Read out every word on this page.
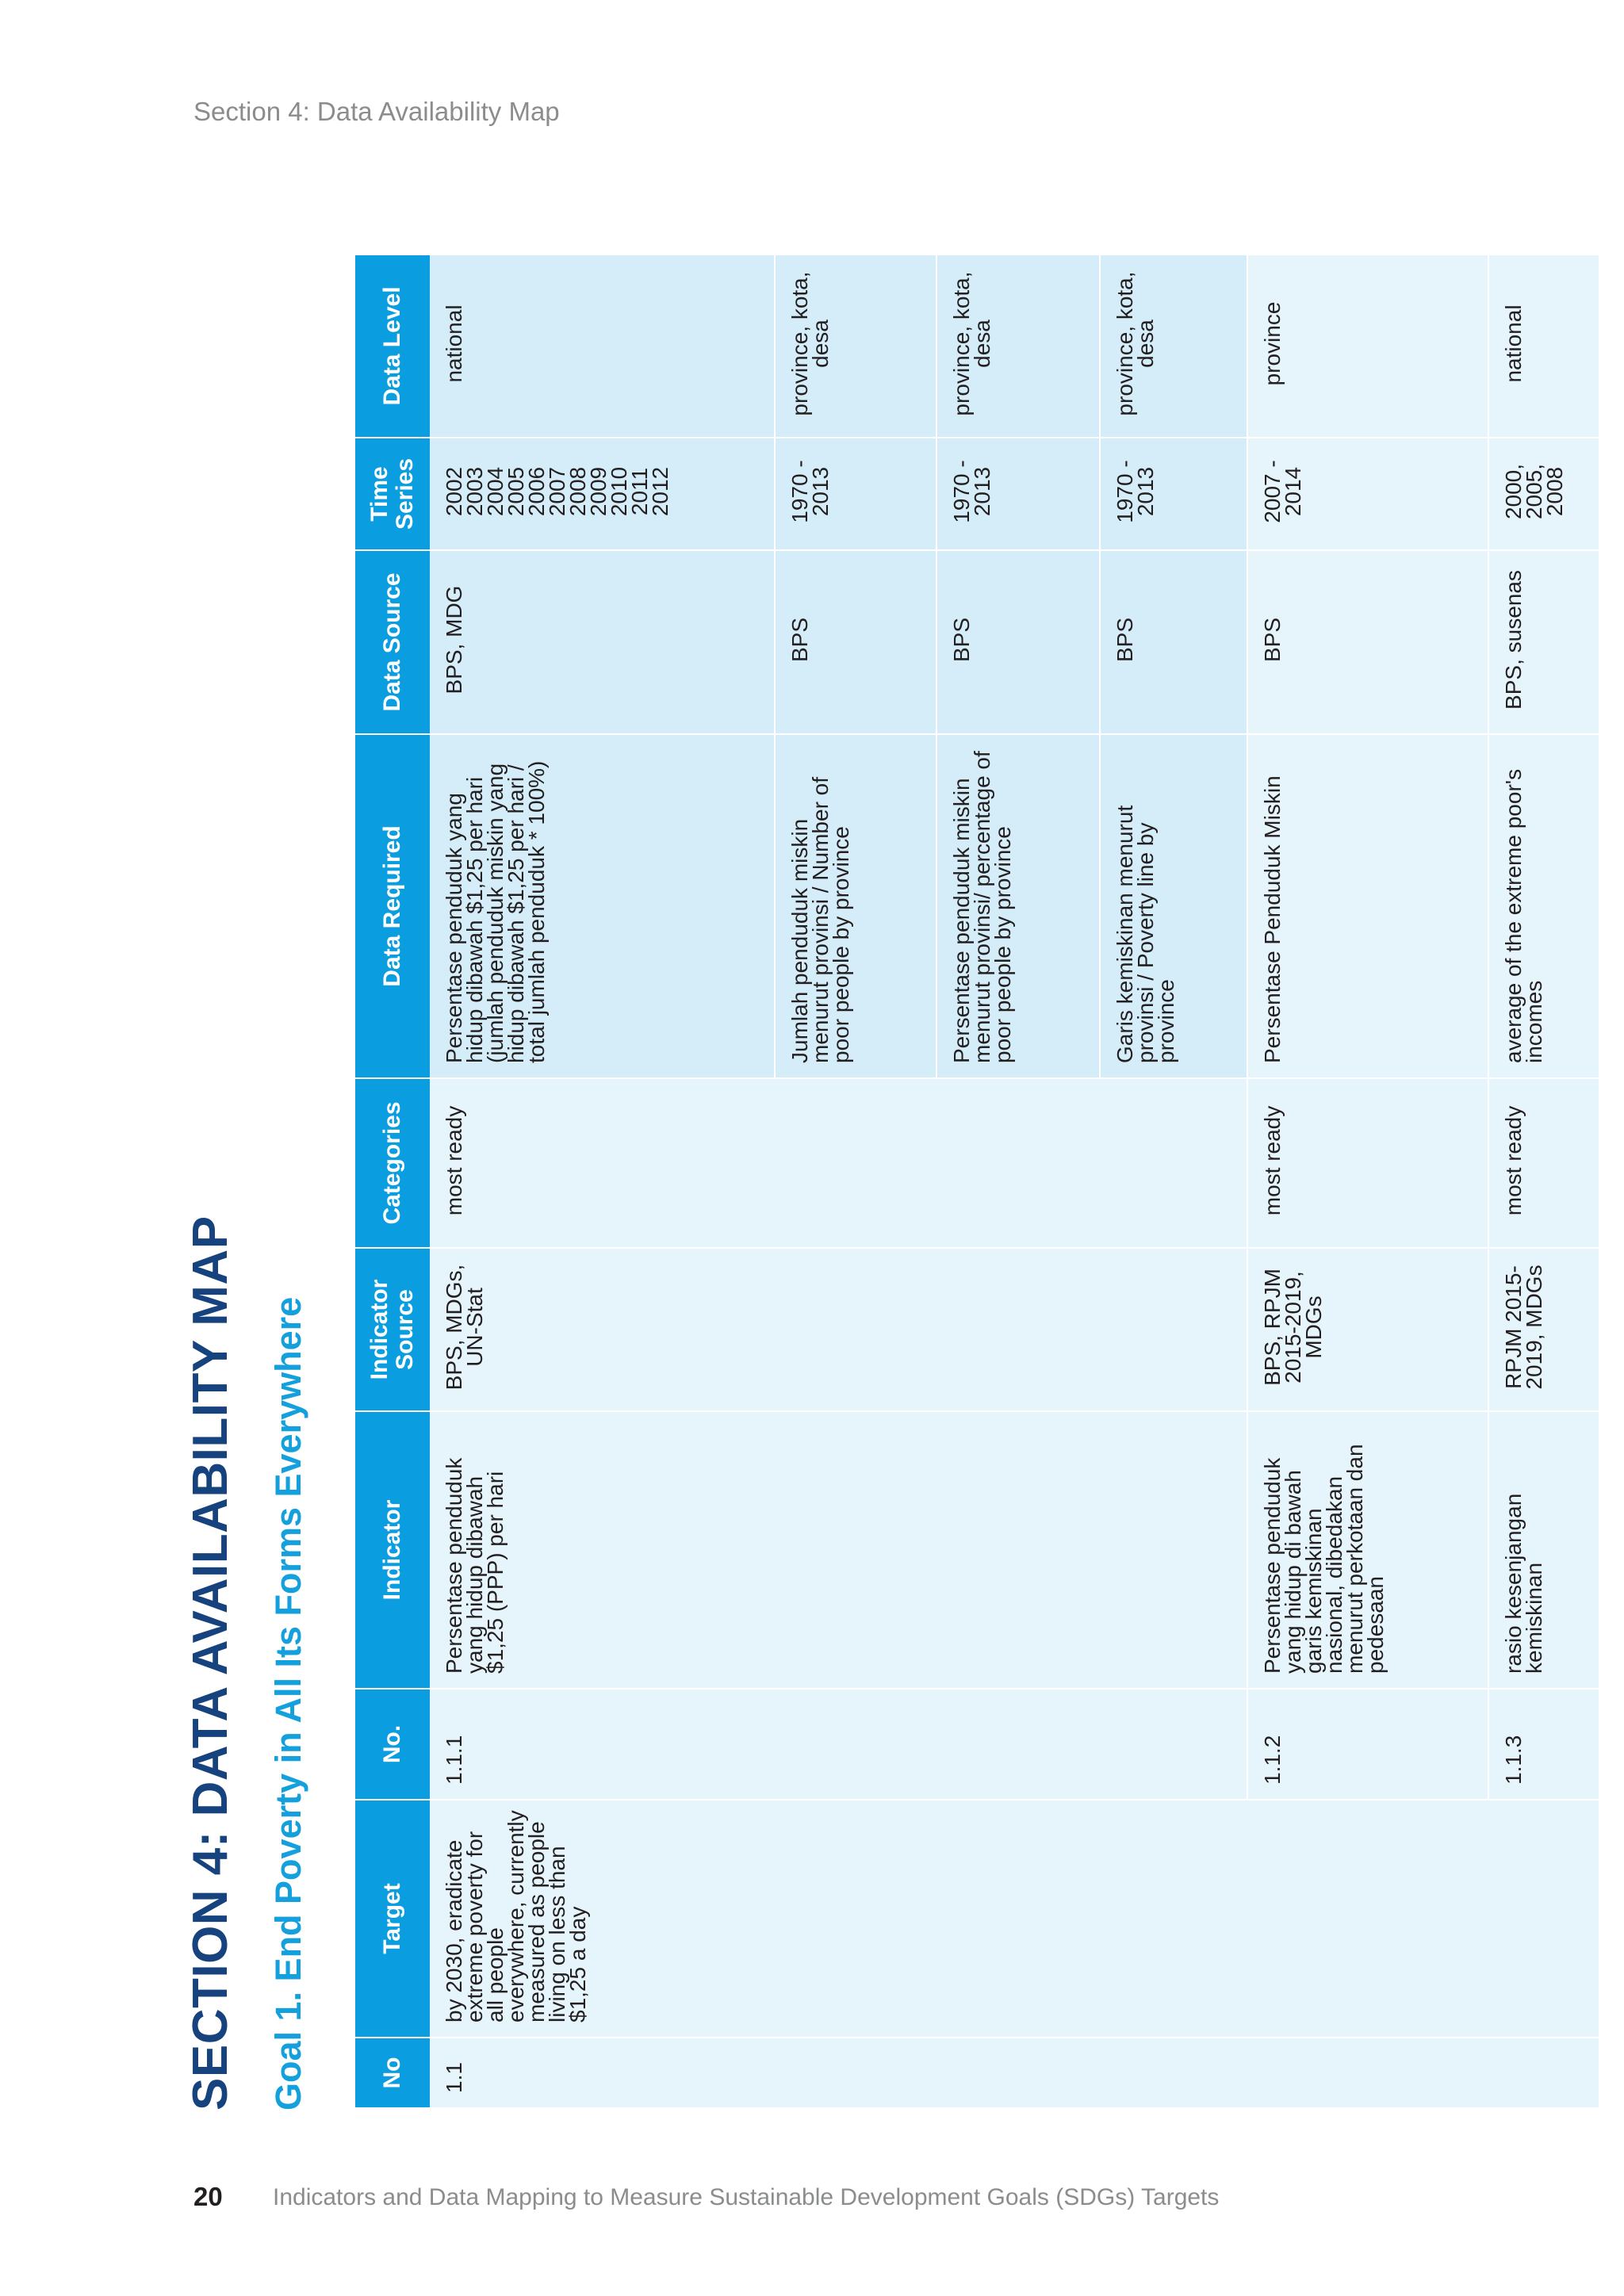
Section 4: Data Availability Map
SECTION 4: DATA AVAILABILITY MAP Goal 1. End Poverty in All Its Forms Everywhere	No	Target	No.	Indicator	Indicator Source	Categories	Data Required	Data Source	Time Series	Data Level
1.1	by 2030, eradicate extreme poverty for all people everywhere, currently measured as people living on less than $1,25 a day	1.1.1	Persentase penduduk yang hidup dibawah $1,25 (PPP) per hari	BPS, MDGs, UN-Stat	most ready	Persentase penduduk yang hidup dibawah $1,25 per hari (jumlah penduduk miskin yang hidup dibawah $1,25 per hari / total jumlah penduduk * 100%)	BPS, MDG	2002 2003 2004 2005 2006 2007 2008 2009 2010 2011 2012	national
						Jumlah penduduk miskin menurut provinsi / Number of poor people by province	BPS	1970 - 2013	province, kota, desa
						Persentase penduduk miskin menurut provinsi/ percentage of poor people by province	BPS	1970 - 2013	province, kota, desa
						Garis kemiskinan menurut provinsi / Poverty line by province	BPS	1970 - 2013	province, kota, desa
		1.1.2	Persentase penduduk yang hidup di bawah garis kemiskinan nasional, dibedakan menurut perkotaan dan pedesaan	BPS, RPJM 2015-2019, MDGs	most ready	Persentase Penduduk Miskin	BPS	2007 - 2014	province
		1.1.3	rasio kesenjangan kemiskinan	RPJM 2015-2019, MDGs	most ready	average of the extreme poor's incomes	BPS, susenas	2000, 2005, 2008	national
20 Indicators and Data Mapping to Measure Sustainable Development Goals (SDGs) Targets
